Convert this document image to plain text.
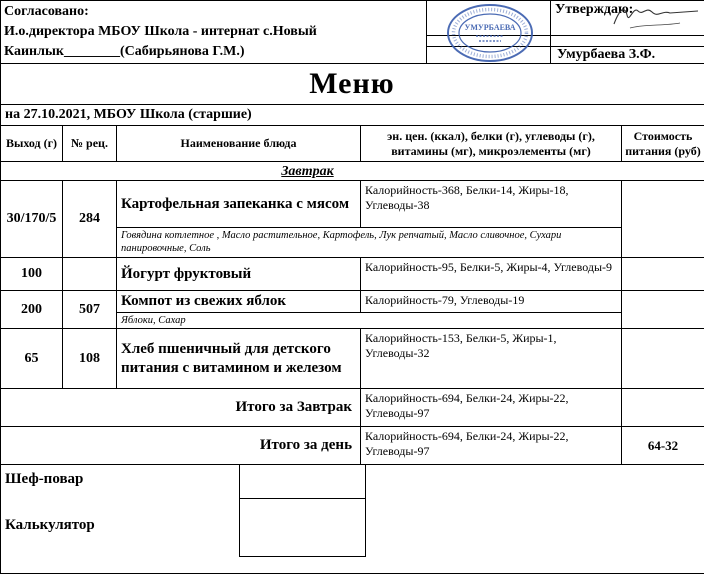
Согласовано:
И.о.директора МБОУ Школа - интернат с.Новый
Каинлык________(Сабирьянова Г.М.)
Утверждаю:
Умурбаева З.Ф.
УМУРБАЕВА
Меню
на 27.10.2021, МБОУ Школа (старшие)
Выход (г)	№ рец.	Наименование блюда	эн. цен. (ккал), белки (г), углеводы (г), витамины (мг), микроэлементы (мг)	Стоимость питания (руб)
Завтрак				
30/170/5	284	Картофельная запеканка с мясом	Калорийность-368, Белки-14, Жиры-18, Углеводы-38	
		Говядина котлетное , Масло растительное, Картофель, Лук репчатый, Масло сливочное, Сухари панировочные, Соль		
100		Йогурт фруктовый	Калорийность-95, Белки-5, Жиры-4, Углеводы-9	
200	507	Компот из свежих яблок	Калорийность-79, Углеводы-19	
		Яблоки, Сахар		
65	108	Хлеб пшеничный для детского питания с витамином и железом	Калорийность-153, Белки-5, Жиры-1, Углеводы-32	
Итого за Завтрак			Калорийность-694, Белки-24, Жиры-22, Углеводы-97	
Итого за день			Калорийность-694, Белки-24, Жиры-22, Углеводы-97	64-32
Шеф-повар
Калькулятор
